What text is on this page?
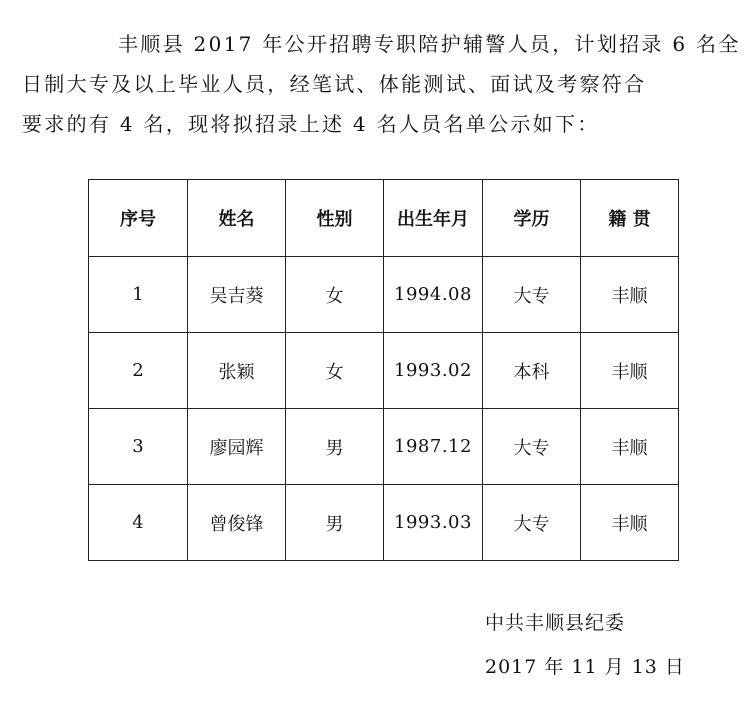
丰顺县 2017 年公开招聘专职陪护辅警人员，计划招录 6 名全
日制大专及以上毕业人员，经笔试、体能测试、面试及考察符合
要求的有 4 名，现将拟招录上述 4 名人员名单公示如下：
序号	姓名	性别	出生年月	学历	籍 贯
1	吴吉葵	女	1994.08	大专	丰顺
2	张颖	女	1993.02	本科	丰顺
3	廖园辉	男	1987.12	大专	丰顺
4	曾俊锋	男	1993.03	大专	丰顺
中共丰顺县纪委
2017 年 11 月 13 日
